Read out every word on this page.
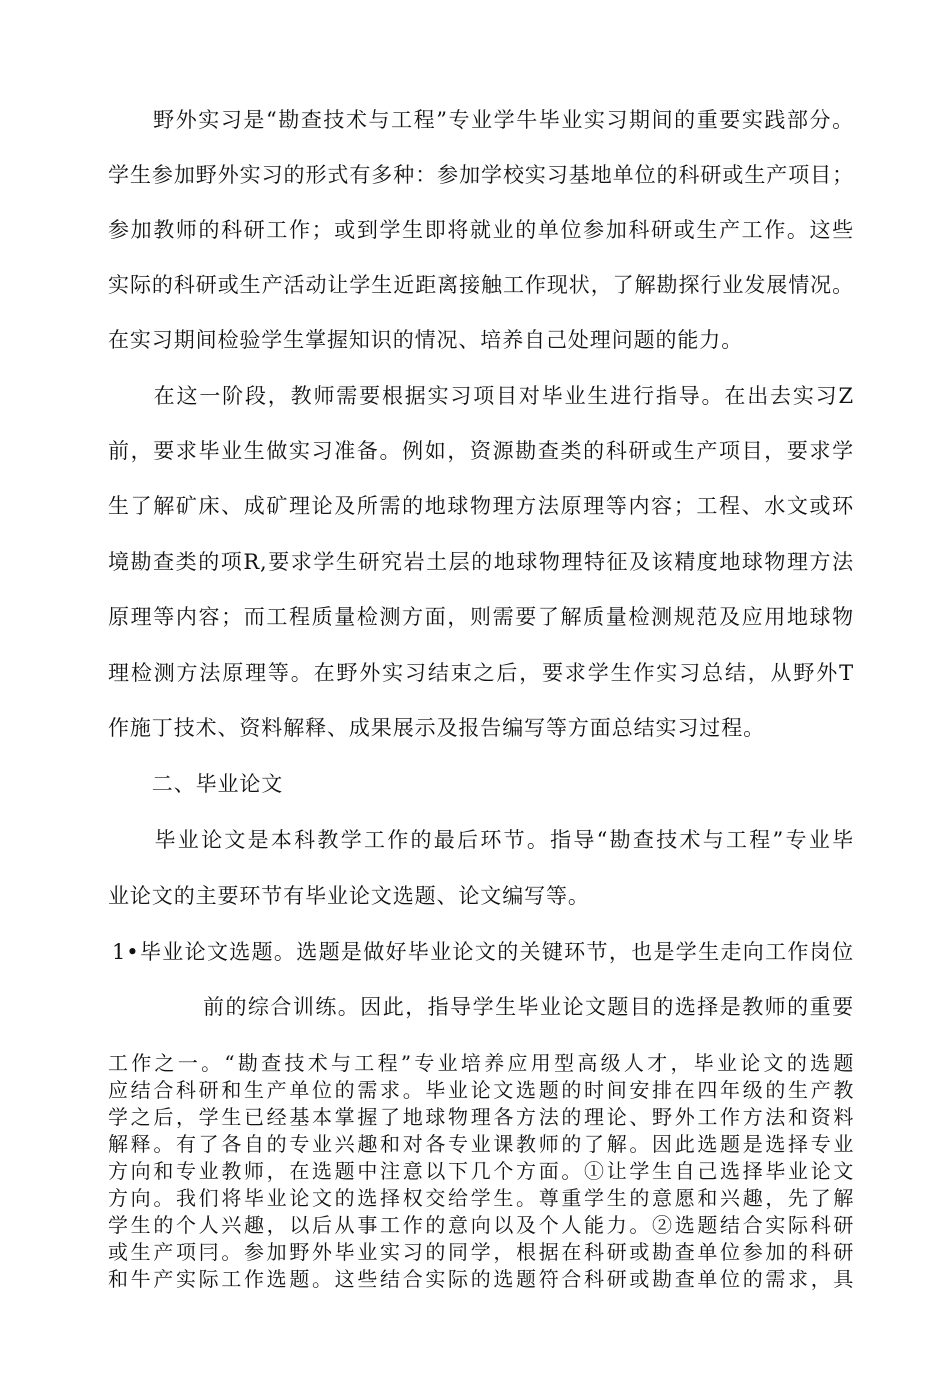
　　野外实习是“勘查技术与工程”专业学牛毕业实习期间的重要实践部分。
学生参加野外实习的形式有多种：参加学校实习基地单位的科研或生产项目；
参加教师的科研工作；或到学生即将就业的单位参加科研或生产工作。这些
实际的科研或生产活动让学生近距离接触工作现状，了解勘探行业发展情况。
在实习期间检验学生掌握知识的情况、培养自己处理问题的能力。
　　在这一阶段，教师需要根据实习项目对毕业生进行指导。在出去实习Z
前，要求毕业生做实习准备。例如，资源勘查类的科研或生产项目，要求学
生了解矿床、成矿理论及所需的地球物理方法原理等内容；工程、水文或环
境勘查类的项R,要求学生研究岩土层的地球物理特征及该精度地球物理方法
原理等内容；而工程质量检测方面，则需要了解质量检测规范及应用地球物
理检测方法原理等。在野外实习结束之后，要求学生作实习总结，从野外T
作施丁技术、资料解释、成果展示及报告编写等方面总结实习过程。
　　二、毕业论文
　　毕业论文是本科教学工作的最后环节。指导“勘查技术与工程”专业毕
业论文的主要环节有毕业论文选题、论文编写等。
1•毕业论文选题。选题是做好毕业论文的关键环节，也是学生走向工作岗位
前的综合训练。因此，指导学生毕业论文题目的选择是教师的重要
工作之一。“勘查技术与工程”专业培养应用型高级人才，毕业论文的选题
应结合科研和生产单位的需求。毕业论文选题的时间安排在四年级的生产教
学之后，学生已经基本掌握了地球物理各方法的理论、野外工作方法和资料
解释。有了各自的专业兴趣和对各专业课教师的了解。因此选题是选择专业
方向和专业教师，在选题中注意以下几个方面。①让学生自己选择毕业论文
方向。我们将毕业论文的选择权交给学生。尊重学生的意愿和兴趣，先了解
学生的个人兴趣，以后从事工作的意向以及个人能力。②选题结合实际科研
或生产项冃。参加野外毕业实习的同学，根据在科研或勘查单位参加的科研
和牛产实际工作选题。这些结合实际的选题符合科研或勘查单位的需求，具
